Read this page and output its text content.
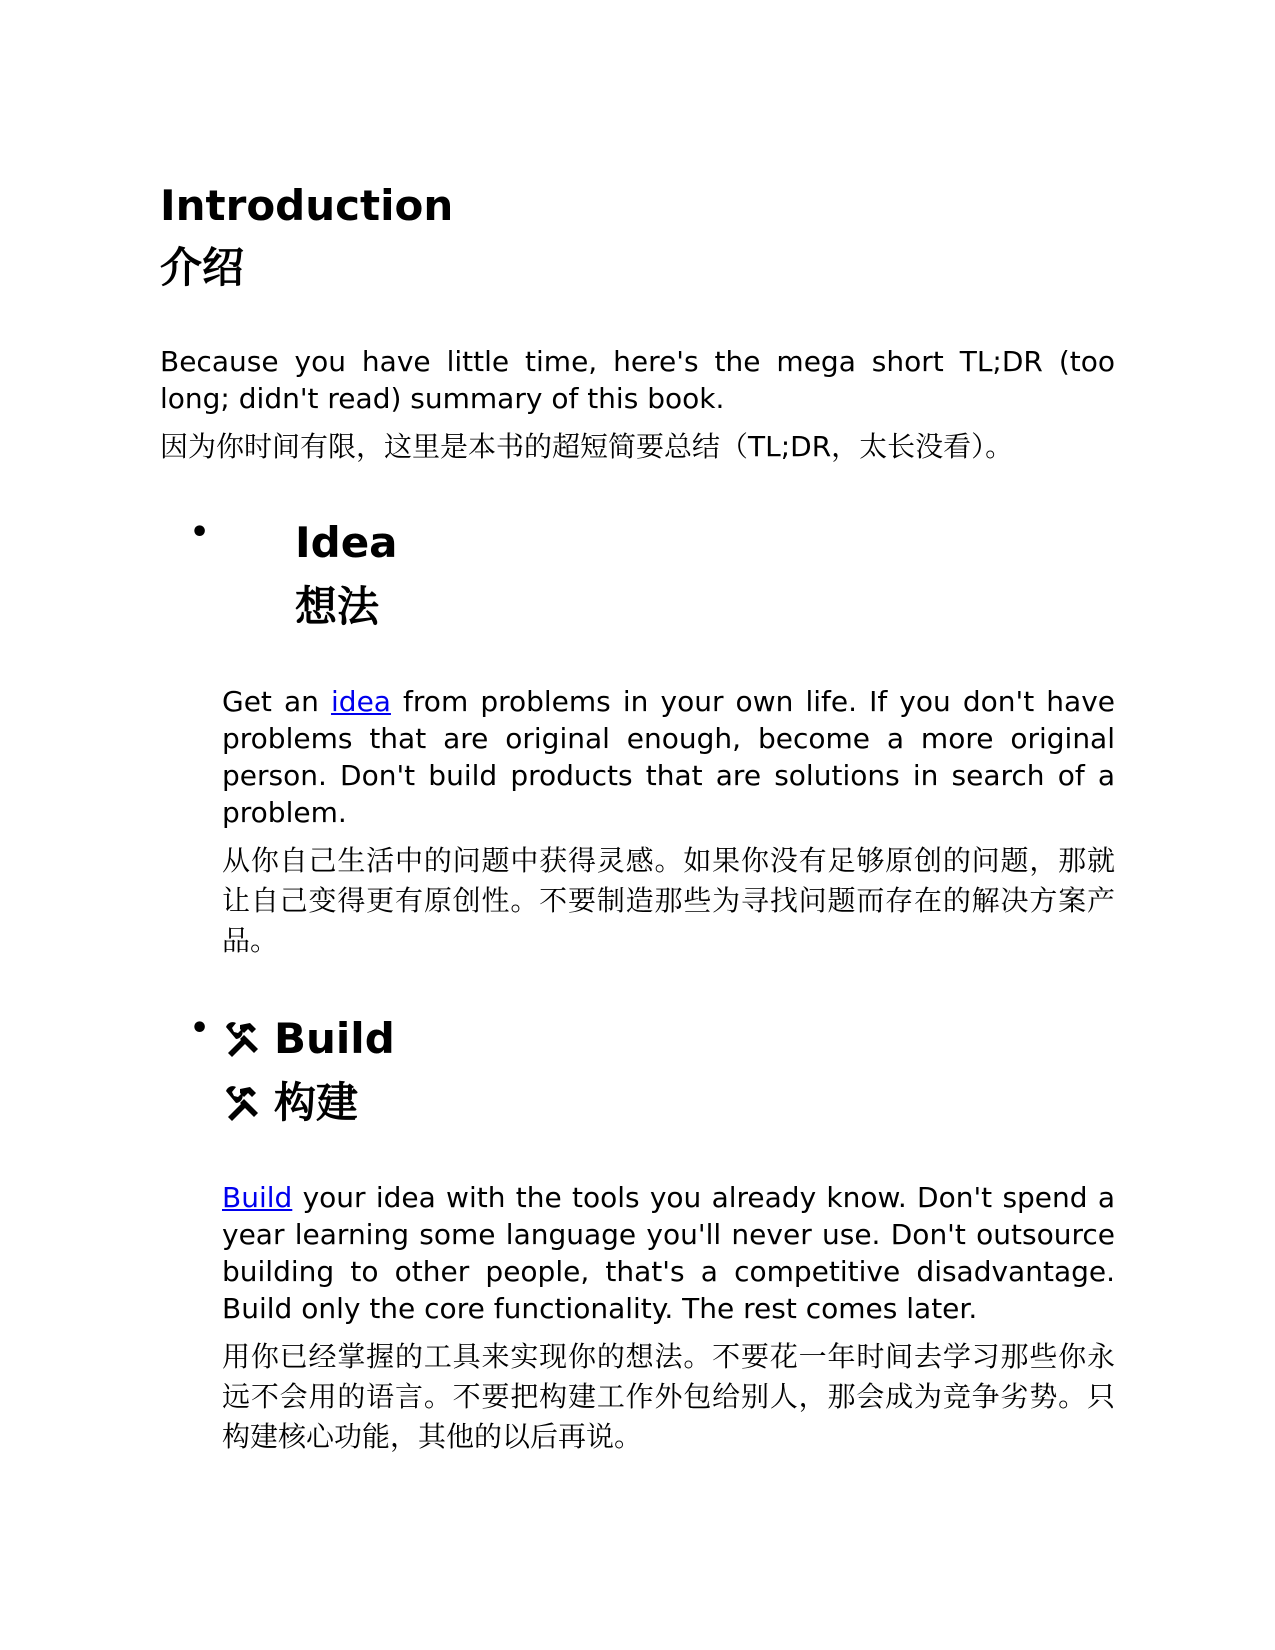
Introduction
介绍

Because you have little time, here's the mega short TL;DR (too long; didn't read) summary of this book.

因为你时间有限，这里是本书的超短简要总结（TL;DR，太长没看）。

• Idea
想法

Get an idea from problems in your own life. If you don't have problems that are original enough, become a more original person. Don't build products that are solutions in search of a problem.

从你自己生活中的问题中获得灵感。如果你没有足够原创的问题，那就让自己变得更有原创性。不要制造那些为寻找问题而存在的解决方案产品。

• Build
构建

Build your idea with the tools you already know. Don't spend a year learning some language you'll never use. Don't outsource building to other people, that's a competitive disadvantage. Build only the core functionality. The rest comes later.

用你已经掌握的工具来实现你的想法。不要花一年时间去学习那些你永远不会用的语言。不要把构建工作外包给别人，那会成为竞争劣势。只构建核心功能，其他的以后再说。
